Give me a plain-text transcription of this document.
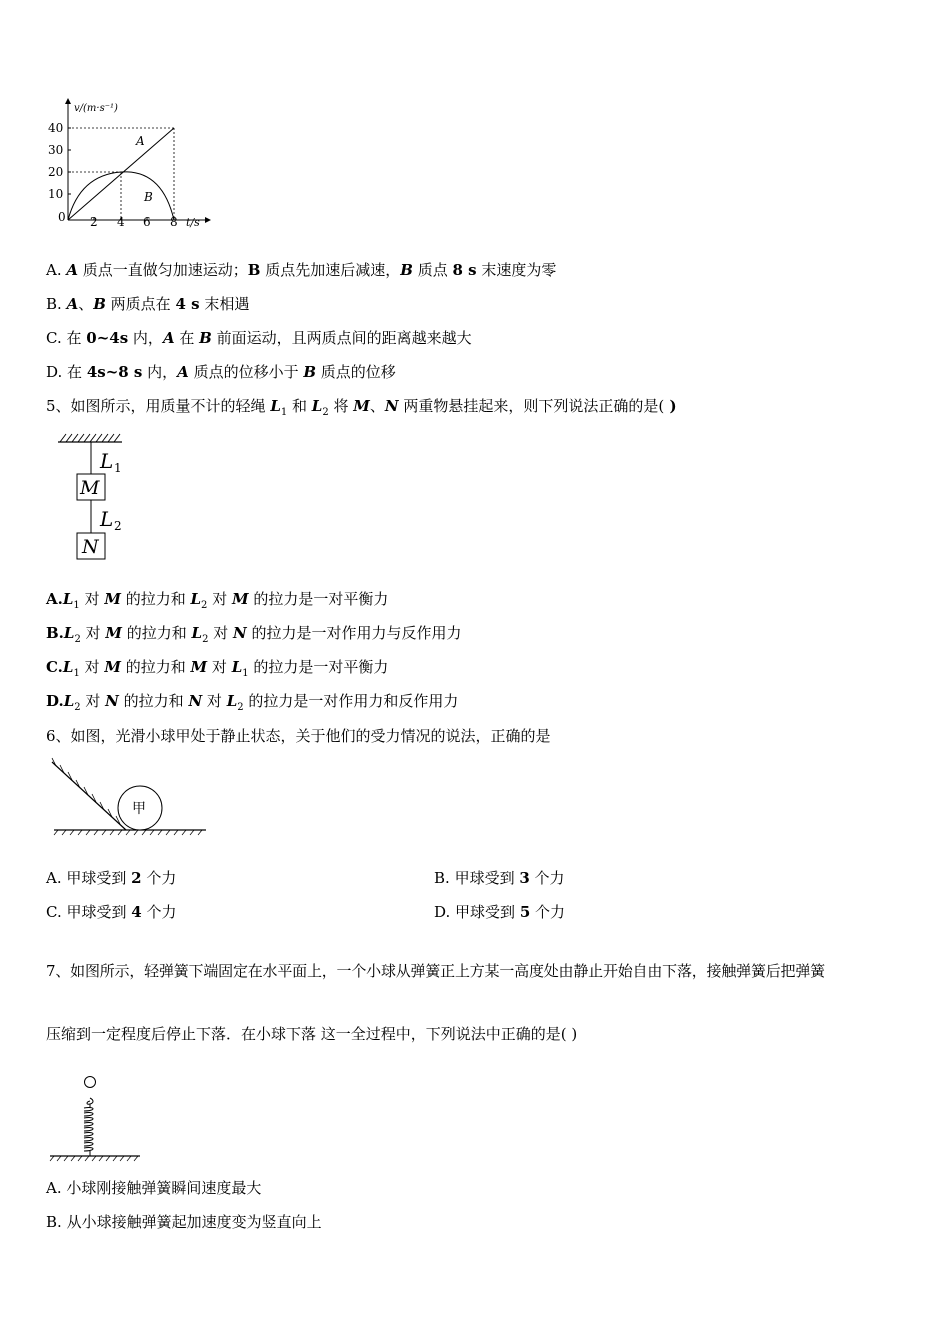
v/(m·s⁻¹)
40
30
20
10
0 2 4 6 8 t/s
A
B
A. A 质点一直做匀加速运动；B 质点先加速后减速，B 质点 8 s 末速度为零
B. A、B 两质点在 4 s 末相遇
C. 在 0~4s 内，A 在 B 前面运动，且两质点间的距离越来越大
D. 在 4s~8 s 内，A 质点的位移小于 B 质点的位移
5、如图所示，用质量不计的轻绳 $L_1$ 和 $L_2$ 将 M、N 两重物悬挂起来，则下列说法正确的是( )
L 1
M
L 2
N
$A.L_1$ 对 M 的拉力和 $L_2$ 对 M 的拉力是一对平衡力
$B.L_2$ 对 M 的拉力和 $L_2$ 对 N 的拉力是一对作用力与反作用力
$C.L_1$ 对 M 的拉力和 M 对 $L_1$ 的拉力是一对平衡力
$D.L_2$ 对 N 的拉力和 N 对 $L_2$ 的拉力是一对作用力和反作用力
6、如图，光滑小球甲处于静止状态，关于他们的受力情况的说法，正确的是
甲
A. 甲球受到 2 个力	B. 甲球受到 3 个力
C. 甲球受到 4 个力	D. 甲球受到 5 个力
7、如图所示，轻弹簧下端固定在水平面上，一个小球从弹簧正上方某一高度处由静止开始自由下落，接触弹簧后把弹簧
压缩到一定程度后停止下落．在小球下落 这一全过程中，下列说法中正确的是( )
A. 小球刚接触弹簧瞬间速度最大
B. 从小球接触弹簧起加速度变为竖直向上
